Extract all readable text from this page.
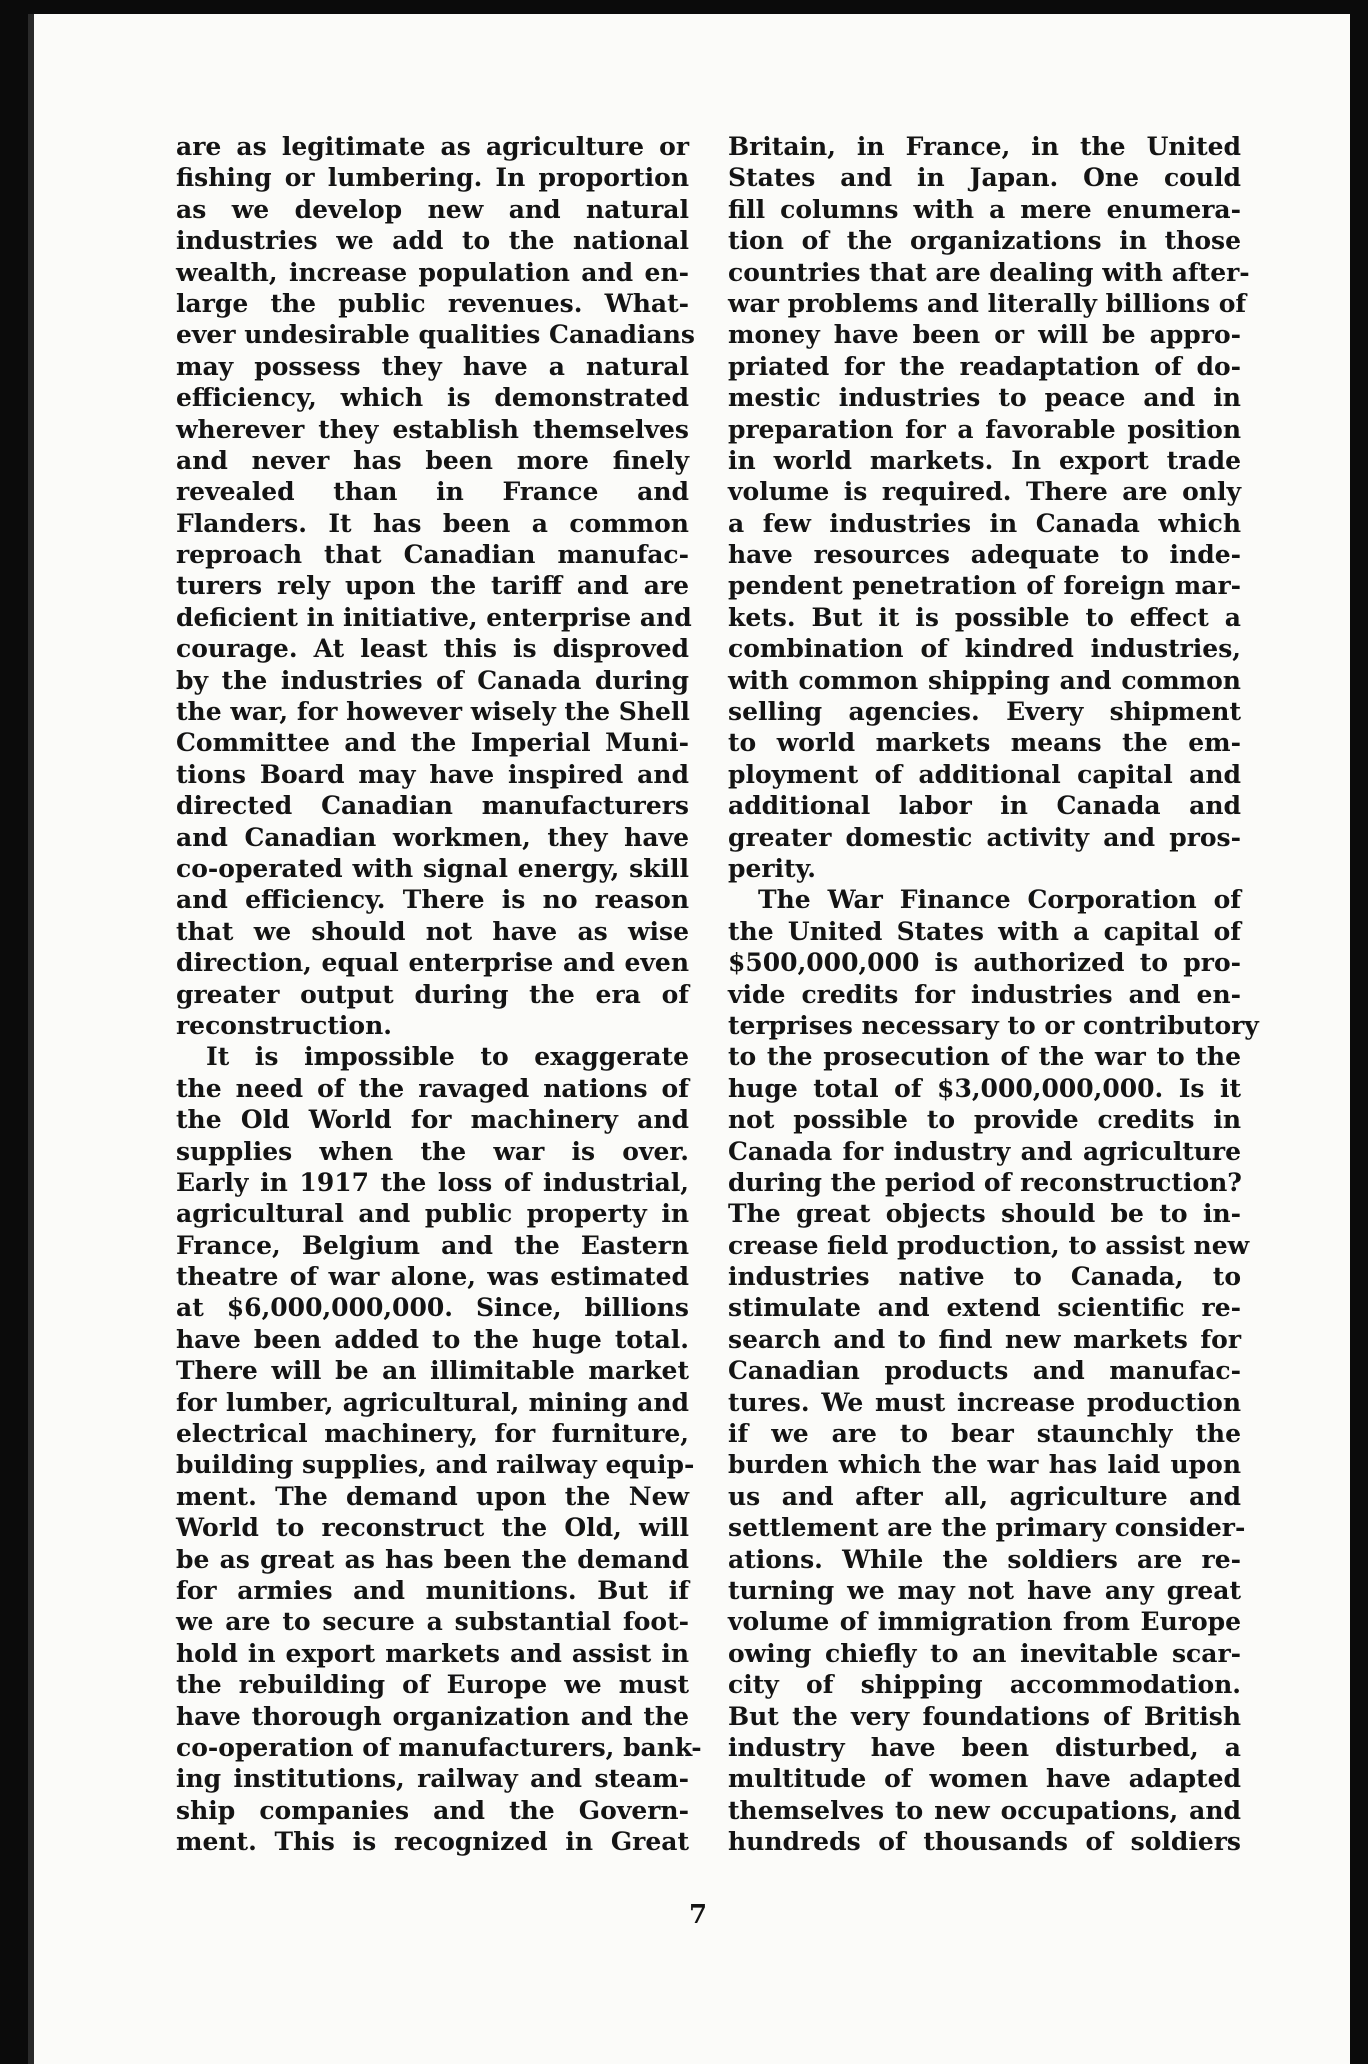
are as legitimate as agriculture or
fishing or lumbering. In proportion
as we develop new and natural
industries we add to the national
wealth, increase population and en-
large the public revenues. What-
ever undesirable qualities Canadians
may possess they have a natural
efficiency, which is demonstrated
wherever they establish themselves
and never has been more finely
revealed than in France and
Flanders. It has been a common
reproach that Canadian manufac-
turers rely upon the tariff and are
deficient in initiative, enterprise and
courage. At least this is disproved
by the industries of Canada during
the war, for however wisely the Shell
Committee and the Imperial Muni-
tions Board may have inspired and
directed Canadian manufacturers
and Canadian workmen, they have
co-operated with signal energy, skill
and efficiency. There is no reason
that we should not have as wise
direction, equal enterprise and even
greater output during the era of
reconstruction.
It is impossible to exaggerate
the need of the ravaged nations of
the Old World for machinery and
supplies when the war is over.
Early in 1917 the loss of industrial,
agricultural and public property in
France, Belgium and the Eastern
theatre of war alone, was estimated
at $6,000,000,000. Since, billions
have been added to the huge total.
There will be an illimitable market
for lumber, agricultural, mining and
electrical machinery, for furniture,
building supplies, and railway equip-
ment. The demand upon the New
World to reconstruct the Old, will
be as great as has been the demand
for armies and munitions. But if
we are to secure a substantial foot-
hold in export markets and assist in
the rebuilding of Europe we must
have thorough organization and the
co-operation of manufacturers, bank-
ing institutions, railway and steam-
ship companies and the Govern-
ment. This is recognized in Great
Britain, in France, in the United
States and in Japan. One could
fill columns with a mere enumera-
tion of the organizations in those
countries that are dealing with after-
war problems and literally billions of
money have been or will be appro-
priated for the readaptation of do-
mestic industries to peace and in
preparation for a favorable position
in world markets. In export trade
volume is required. There are only
a few industries in Canada which
have resources adequate to inde-
pendent penetration of foreign mar-
kets. But it is possible to effect a
combination of kindred industries,
with common shipping and common
selling agencies. Every shipment
to world markets means the em-
ployment of additional capital and
additional labor in Canada and
greater domestic activity and pros-
perity.
The War Finance Corporation of
the United States with a capital of
$500,000,000 is authorized to pro-
vide credits for industries and en-
terprises necessary to or contributory
to the prosecution of the war to the
huge total of $3,000,000,000. Is it
not possible to provide credits in
Canada for industry and agriculture
during the period of reconstruction?
The great objects should be to in-
crease field production, to assist new
industries native to Canada, to
stimulate and extend scientific re-
search and to find new markets for
Canadian products and manufac-
tures. We must increase production
if we are to bear staunchly the
burden which the war has laid upon
us and after all, agriculture and
settlement are the primary consider-
ations. While the soldiers are re-
turning we may not have any great
volume of immigration from Europe
owing chiefly to an inevitable scar-
city of shipping accommodation.
But the very foundations of British
industry have been disturbed, a
multitude of women have adapted
themselves to new occupations, and
hundreds of thousands of soldiers
7
